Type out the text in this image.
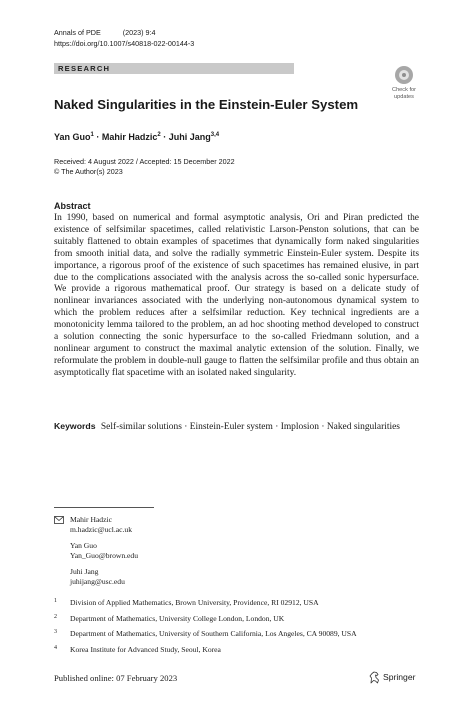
Annals of PDE	(2023) 9:4
https://doi.org/10.1007/s40818-022-00144-3
RESEARCH
Check for
updates
Naked Singularities in the Einstein-Euler System
Yan Guo$^1$ · Mahir Hadzic$^2$ · Juhi Jang$^{3,4}$
Received: 4 August 2022 / Accepted: 15 December 2022
© The Author(s) 2023
Abstract

In 1990, based on numerical and formal asymptotic analysis, Ori and Piran predicted the existence of selfsimilar spacetimes, called relativistic Larson-Penston solutions, that can be suitably flattened to obtain examples of spacetimes that dynamically form naked singularities from smooth initial data, and solve the radially symmetric Einstein-Euler system. Despite its importance, a rigorous proof of the existence of such spacetimes has remained elusive, in part due to the complications associated with the analysis across the so-called sonic hypersurface. We provide a rigorous mathematical proof. Our strategy is based on a delicate study of nonlinear invariances associated with the underlying non-autonomous dynamical system to which the problem reduces after a selfsimilar reduction. Key technical ingredients are a monotonicity lemma tailored to the problem, an ad hoc shooting method developed to construct a solution connecting the sonic hypersurface to the so-called Friedmann solution, and a nonlinear argument to construct the maximal analytic extension of the solution. Finally, we reformulate the problem in double-null gauge to flatten the selfsimilar profile and thus obtain an asymptotically flat spacetime with an isolated naked singularity.

Keywords Self-similar solutions · Einstein-Euler system · Implosion · Naked singularities
Mahir Hadzic
m.hadzic@ucl.ac.uk
Yan Guo
Yan_Guo@brown.edu
Juhi Jang
juhijang@usc.edu
1 Division of Applied Mathematics, Brown University, Providence, RI 02912, USA
2 Department of Mathematics, University College London, London, UK
3 Department of Mathematics, University of Southern California, Los Angeles, CA 90089, USA
4 Korea Institute for Advanced Study, Seoul, Korea
Published online: 07 February 2023	Springer
